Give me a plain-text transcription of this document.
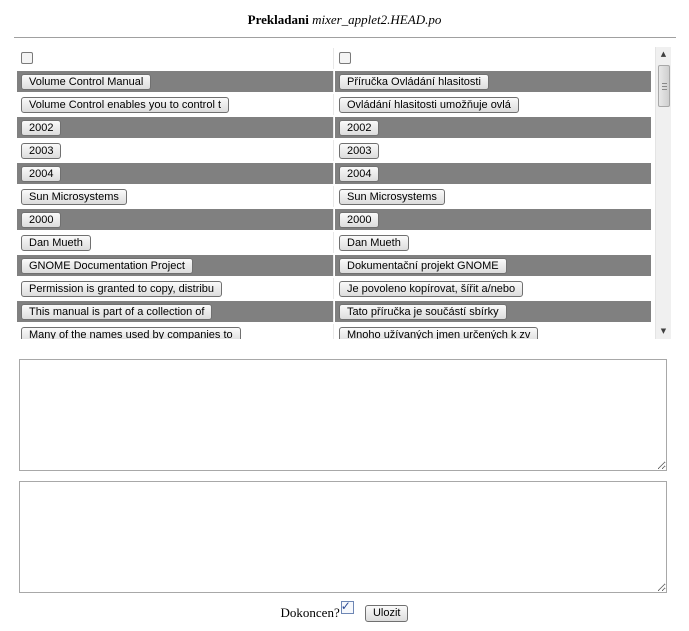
Prekladani mixer_applet2.HEAD.po
Volume Control Manual	Příručka Ovládání hlasitosti
Volume Control enables you to control t	Ovládání hlasitosti umožňuje ovlá
2002	2002
2003	2003
2004	2004
Sun Microsystems	Sun Microsystems
2000	2000
Dan Mueth	Dan Mueth
GNOME Documentation Project	Dokumentační projekt GNOME
Permission is granted to copy, distribu	Je povoleno kopírovat, šířit a/nebo
This manual is part of a collection of	Tato příručka je součástí sbírky
Many of the names used by companies to	Mnoho užívaných jmen určených k zv
▲
▼
Dokoncen? ✓ Ulozit
